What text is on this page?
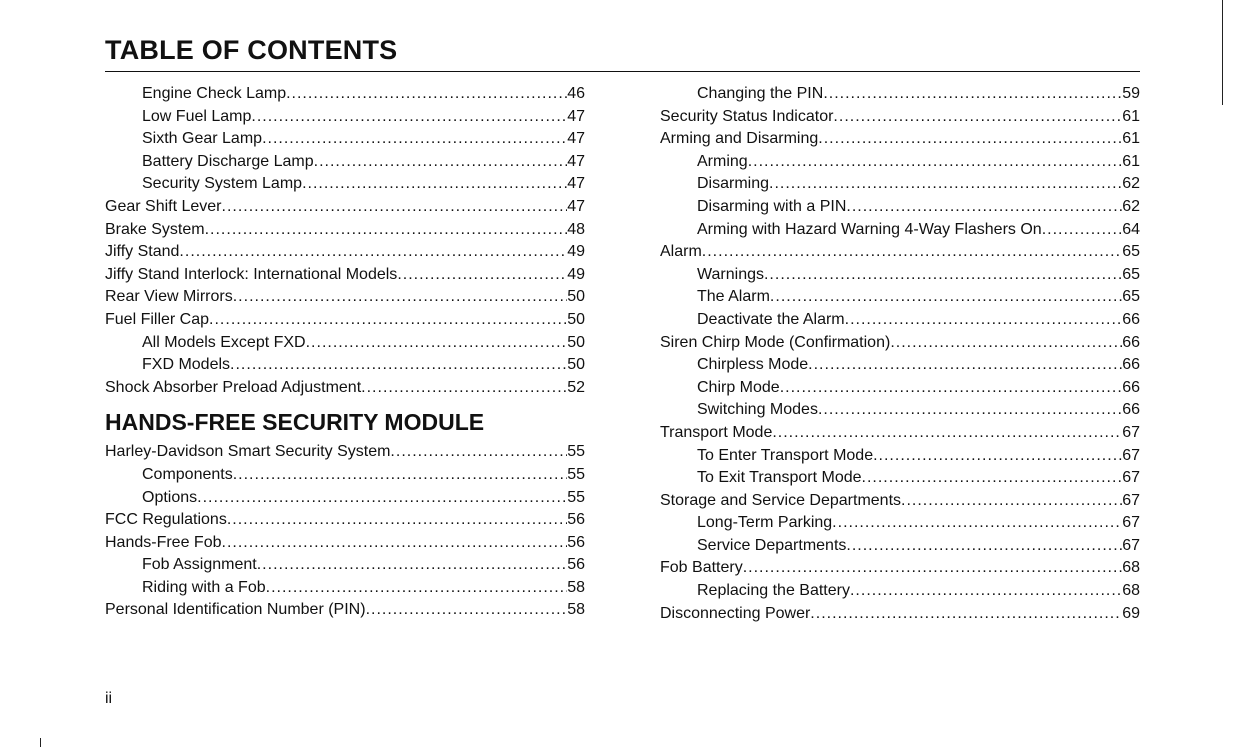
TABLE OF CONTENTS
Engine Check Lamp .....	46
Low Fuel Lamp .....	47
Sixth Gear Lamp .....	47
Battery Discharge Lamp .....	47
Security System Lamp .....	47
Gear Shift Lever .....	47
Brake System .....	48
Jiffy Stand .....	49
Jiffy Stand Interlock: International Models .....	49
Rear View Mirrors .....	50
Fuel Filler Cap .....	50
All Models Except FXD .....	50
FXD Models .....	50
Shock Absorber Preload Adjustment .....	52
HANDS-FREE SECURITY MODULE
Harley-Davidson Smart Security System .....	55
Components .....	55
Options .....	55
FCC Regulations .....	56
Hands-Free Fob .....	56
Fob Assignment .....	56
Riding with a Fob .....	58
Personal Identification Number (PIN) .....	58
Changing the PIN .....	59
Security Status Indicator .....	61
Arming and Disarming .....	61
Arming .....	61
Disarming .....	62
Disarming with a PIN .....	62
Arming with Hazard Warning 4-Way Flashers On .....	64
Alarm .....	65
Warnings .....	65
The Alarm .....	65
Deactivate the Alarm .....	66
Siren Chirp Mode (Confirmation) .....	66
Chirpless Mode .....	66
Chirp Mode .....	66
Switching Modes .....	66
Transport Mode .....	67
To Enter Transport Mode .....	67
To Exit Transport Mode .....	67
Storage and Service Departments .....	67
Long-Term Parking .....	67
Service Departments .....	67
Fob Battery .....	68
Replacing the Battery .....	68
Disconnecting Power .....	69
ii
